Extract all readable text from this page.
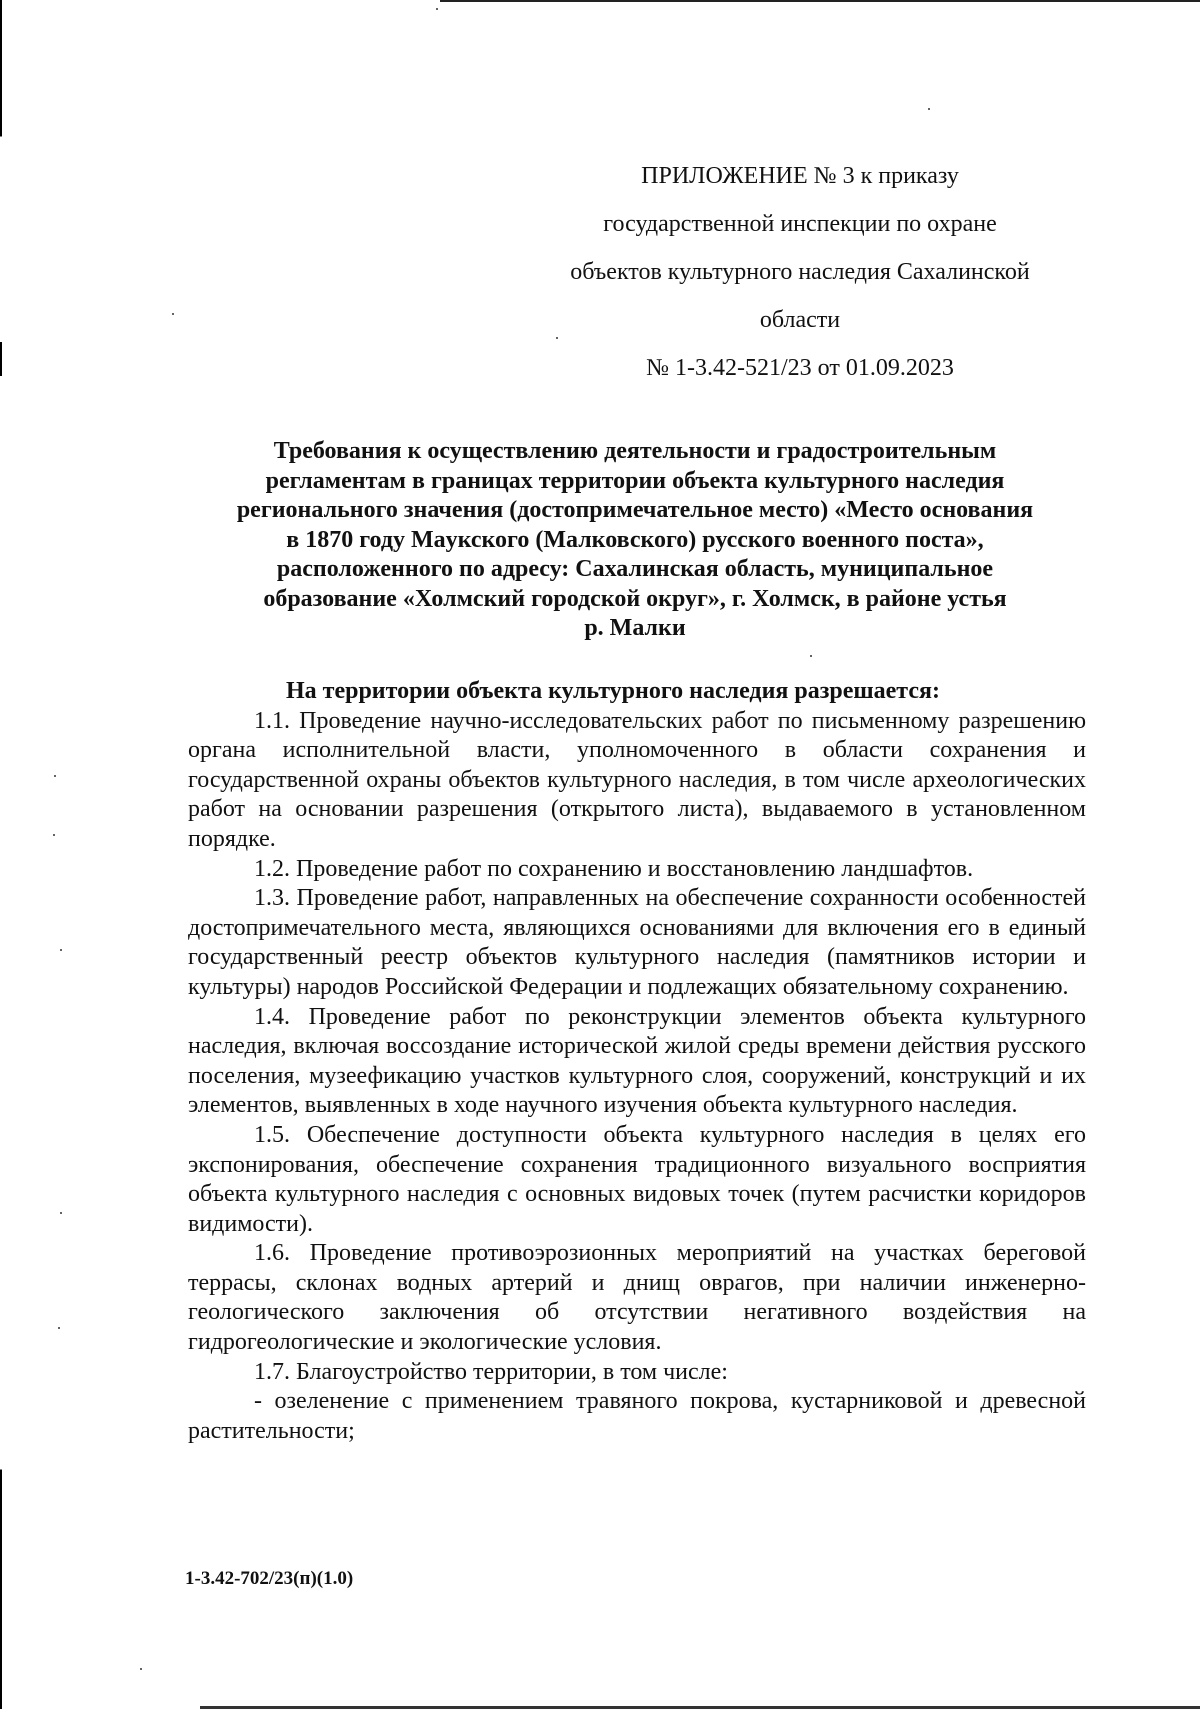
ПРИЛОЖЕНИЕ № 3 к приказу
государственной инспекции по охране
объектов культурного наследия Сахалинской
области
№ 1-3.42-521/23 от 01.09.2023
Требования к осуществлению деятельности и градостроительным
регламентам в границах территории объекта культурного наследия
регионального значения (достопримечательное место) «Место основания
в 1870 году Мaукского (Малковского) русского военного поста»,
расположенного по адресу: Сахалинская область, муниципальное
образование «Холмский городской округ», г. Холмск, в районе устья
р. Малки
На территории объекта культурного наследия разрешается:

1.1. Проведение научно-исследовательских работ по письменному разрешению органа исполнительной власти, уполномоченного в области сохранения и государственной охраны объектов культурного наследия, в том числе археологических работ на основании разрешения (открытого листа), выдаваемого в установленном порядке.

1.2. Проведение работ по сохранению и восстановлению ландшафтов.

1.3. Проведение работ, направленных на обеспечение сохранности особенностей достопримечательного места, являющихся основаниями для включения его в единый государственный реестр объектов культурного наследия (памятников истории и культуры) народов Российской Федерации и подлежащих обязательному сохранению.

1.4. Проведение работ по реконструкции элементов объекта культурного наследия, включая воссоздание исторической жилой среды времени действия русского поселения, музеефикацию участков культурного слоя, сооружений, конструкций и их элементов, выявленных в ходе научного изучения объекта культурного наследия.

1.5. Обеспечение доступности объекта культурного наследия в целях его экспонирования, обеспечение сохранения традиционного визуального восприятия объекта культурного наследия с основных видовых точек (путем расчистки коридоров видимости).

1.6. Проведение противоэрозионных мероприятий на участках береговой террасы, склонах водных артерий и днищ оврагов, при наличии инженерно-геологического заключения об отсутствии негативного воздействия на гидрогеологические и экологические условия.

1.7. Благоустройство территории, в том числе:

- озеленение с применением травяного покрова, кустарниковой и древесной растительности;

1-3.42-702/23(п)(1.0)
